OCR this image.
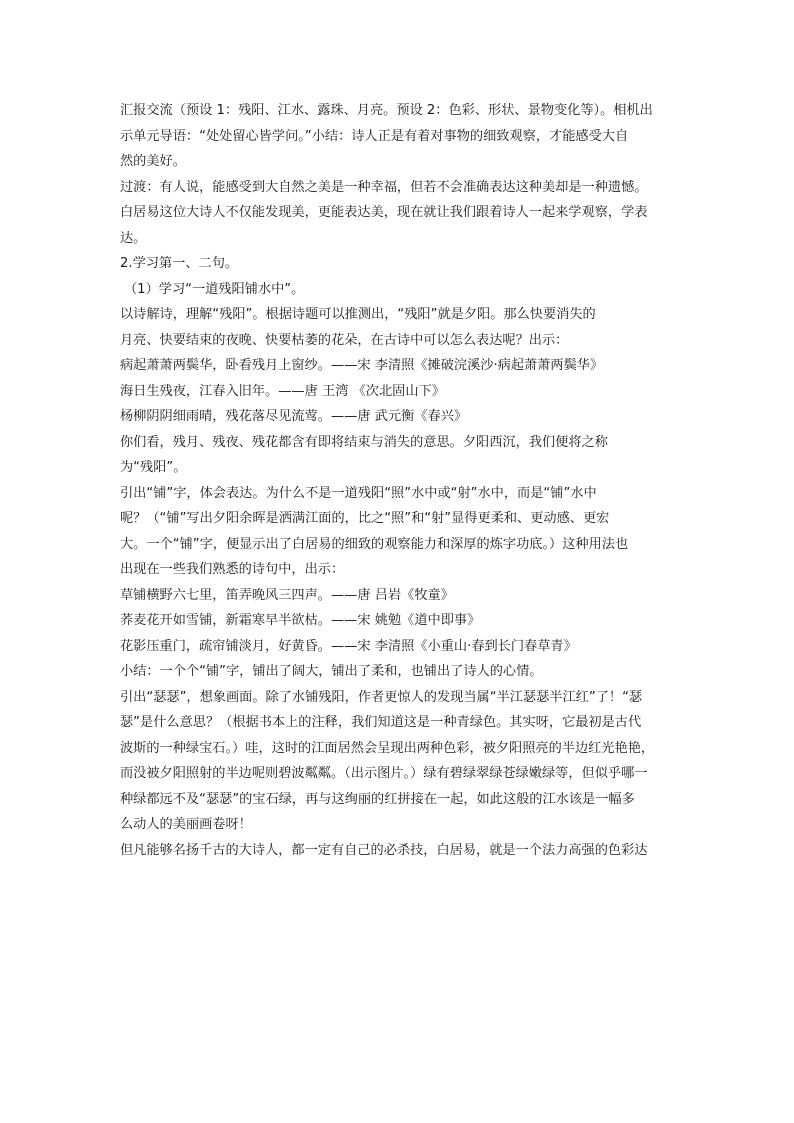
汇报交流（预设 1：残阳、江水、露珠、月亮。预设 2：色彩、形状、景物变化等）。相机出
示单元导语：“处处留心皆学问。”小结：诗人正是有着对事物的细致观察，才能感受大自
然的美好。
过渡：有人说，能感受到大自然之美是一种幸福，但若不会准确表达这种美却是一种遗憾。
白居易这位大诗人不仅能发现美，更能表达美，现在就让我们跟着诗人一起来学观察，学表
达。
2.学习第一、二句。
（1）学习“一道残阳铺水中”。
以诗解诗，理解“残阳”。根据诗题可以推测出，“残阳”就是夕阳。那么快要消失的
月亮、快要结束的夜晚、快要枯萎的花朵，在古诗中可以怎么表达呢？出示：
病起萧萧两鬓华，卧看残月上窗纱。——宋 李清照《摊破浣溪沙·病起萧萧两鬓华》
海日生残夜，江春入旧年。——唐 王湾 《次北固山下》
杨柳阴阴细雨晴，残花落尽见流莺。——唐 武元衡《春兴》
你们看，残月、残夜、残花都含有即将结束与消失的意思。夕阳西沉，我们便将之称
为“残阳”。
引出“铺”字，体会表达。为什么不是一道残阳“照”水中或“射”水中，而是“铺”水中
呢？（“铺”写出夕阳余晖是洒满江面的，比之“照”和“射”显得更柔和、更动感、更宏
大。一个“铺”字，便显示出了白居易的细致的观察能力和深厚的炼字功底。）这种用法也
出现在一些我们熟悉的诗句中，出示：
草铺横野六七里，笛弄晚风三四声。——唐 吕岩《牧童》
荞麦花开如雪铺，新霜寒早半欲枯。——宋 姚勉《道中即事》
花影压重门，疏帘铺淡月，好黄昏。——宋 李清照《小重山·春到长门春草青》
小结：一个个“铺”字，铺出了阔大，铺出了柔和，也铺出了诗人的心情。
引出“瑟瑟”，想象画面。除了水铺残阳，作者更惊人的发现当属“半江瑟瑟半江红”了！“瑟
瑟”是什么意思？（根据书本上的注释，我们知道这是一种青绿色。其实呀，它最初是古代
波斯的一种绿宝石。）哇，这时的江面居然会呈现出两种色彩，被夕阳照亮的半边红光艳艳，
而没被夕阳照射的半边呢则碧波粼粼。（出示图片。）绿有碧绿翠绿苍绿嫩绿等，但似乎哪一
种绿都远不及“瑟瑟”的宝石绿，再与这绚丽的红拼接在一起，如此这般的江水该是一幅多
么动人的美丽画卷呀！
但凡能够名扬千古的大诗人，都一定有自己的必杀技，白居易，就是一个法力高强的色彩达
